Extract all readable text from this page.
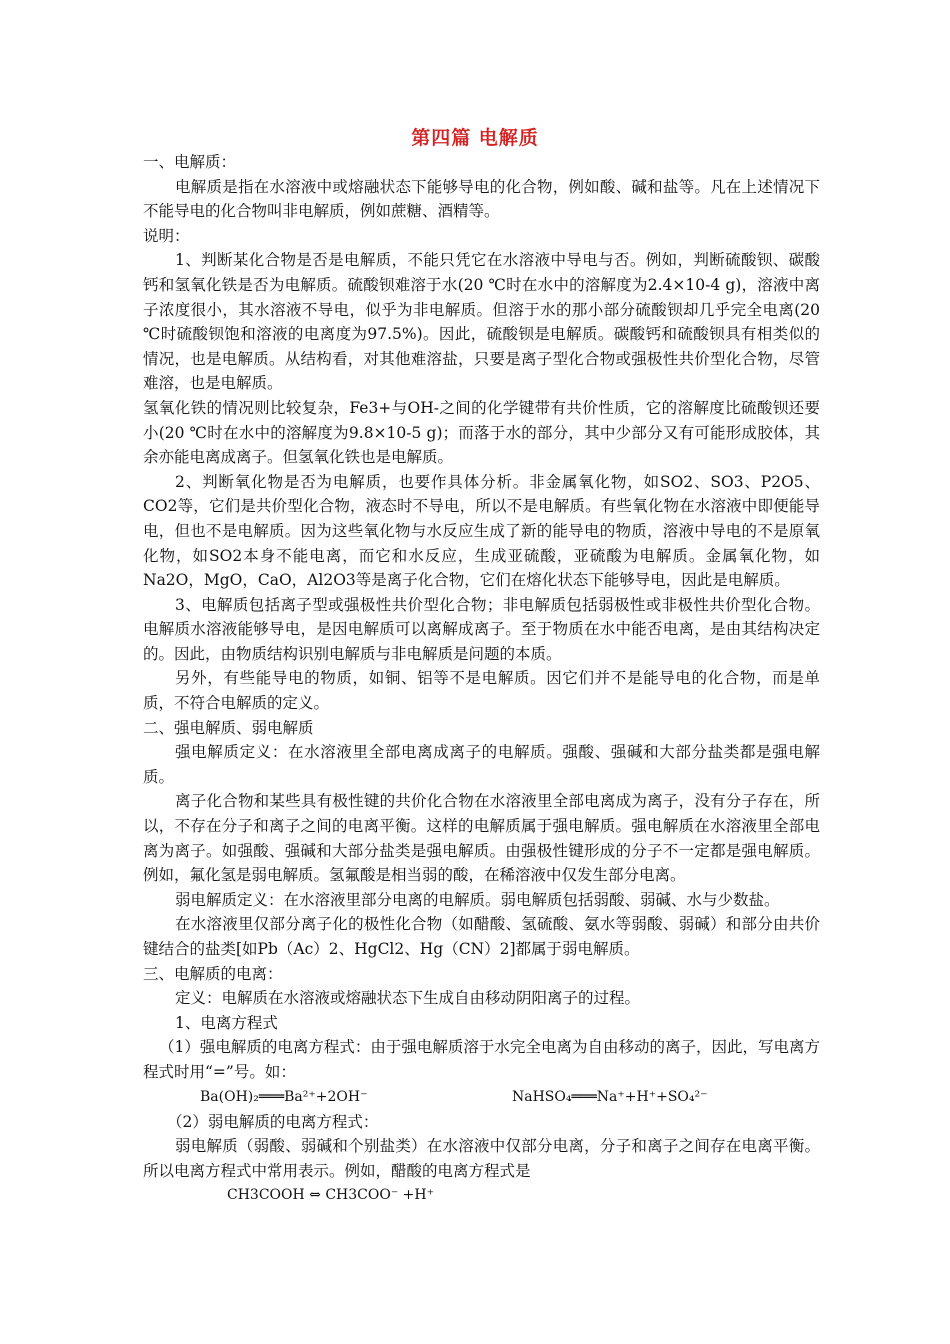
第四篇 电解质

一、电解质：

电解质是指在水溶液中或熔融状态下能够导电的化合物，例如酸、碱和盐等。凡在上述情况下不能导电的化合物叫非电解质，例如蔗糖、酒精等。

说明：

1、判断某化合物是否是电解质，不能只凭它在水溶液中导电与否。例如，判断硫酸钡、碳酸钙和氢氧化铁是否为电解质。硫酸钡难溶于水(20 ℃时在水中的溶解度为2.4×10-4 g)，溶液中离子浓度很小，其水溶液不导电，似乎为非电解质。但溶于水的那小部分硫酸钡却几乎完全电离(20 ℃时硫酸钡饱和溶液的电离度为97.5%)。因此，硫酸钡是电解质。碳酸钙和硫酸钡具有相类似的情况，也是电解质。从结构看，对其他难溶盐，只要是离子型化合物或强极性共价型化合物，尽管难溶，也是电解质。

氢氧化铁的情况则比较复杂，Fe3+与OH-之间的化学键带有共价性质，它的溶解度比硫酸钡还要小(20 ℃时在水中的溶解度为9.8×10-5 g)；而落于水的部分，其中少部分又有可能形成胶体，其余亦能电离成离子。但氢氧化铁也是电解质。

2、判断氧化物是否为电解质，也要作具体分析。非金属氧化物，如SO2、SO3、P2O5、CO2等，它们是共价型化合物，液态时不导电，所以不是电解质。有些氧化物在水溶液中即便能导电，但也不是电解质。因为这些氧化物与水反应生成了新的能导电的物质，溶液中导电的不是原氧化物，如SO2本身不能电离，而它和水反应，生成亚硫酸，亚硫酸为电解质。金属氧化物，如Na2O，MgO，CaO，Al2O3等是离子化合物，它们在熔化状态下能够导电，因此是电解质。

3、电解质包括离子型或强极性共价型化合物；非电解质包括弱极性或非极性共价型化合物。电解质水溶液能够导电，是因电解质可以离解成离子。至于物质在水中能否电离，是由其结构决定的。因此，由物质结构识别电解质与非电解质是问题的本质。

另外，有些能导电的物质，如铜、铝等不是电解质。因它们并不是能导电的化合物，而是单质，不符合电解质的定义。

二、强电解质、弱电解质

强电解质定义：在水溶液里全部电离成离子的电解质。强酸、强碱和大部分盐类都是强电解质。

离子化合物和某些具有极性键的共价化合物在水溶液里全部电离成为离子，没有分子存在，所以，不存在分子和离子之间的电离平衡。这样的电解质属于强电解质。强电解质在水溶液里全部电离为离子。如强酸、强碱和大部分盐类是强电解质。由强极性键形成的分子不一定都是强电解质。例如，氟化氢是弱电解质。氢氟酸是相当弱的酸，在稀溶液中仅发生部分电离。

弱电解质定义：在水溶液里部分电离的电解质。弱电解质包括弱酸、弱碱、水与少数盐。

在水溶液里仅部分离子化的极性化合物（如醋酸、氢硫酸、氨水等弱酸、弱碱）和部分由共价键结合的盐类[如Pb（Ac）2、HgCl2、Hg（CN）2]都属于弱电解质。

三、电解质的电离：

定义：电解质在水溶液或熔融状态下生成自由移动阴阳离子的过程。

1、电离方程式

（1）强电解质的电离方程式：由于强电解质溶于水完全电离为自由移动的离子，因此，写电离方程式时用“=”号。如：

Ba(OH)₂═══Ba²⁺+2OH⁻	NaHSO₄═══Na⁺+H⁺+SO₄²⁻

（2）弱电解质的电离方程式：

弱电解质（弱酸、弱碱和个别盐类）在水溶液中仅部分电离，分子和离子之间存在电离平衡。所以电离方程式中常用表示。例如，醋酸的电离方程式是

CH3COOH ⇔ CH3COO⁻ +H⁺
